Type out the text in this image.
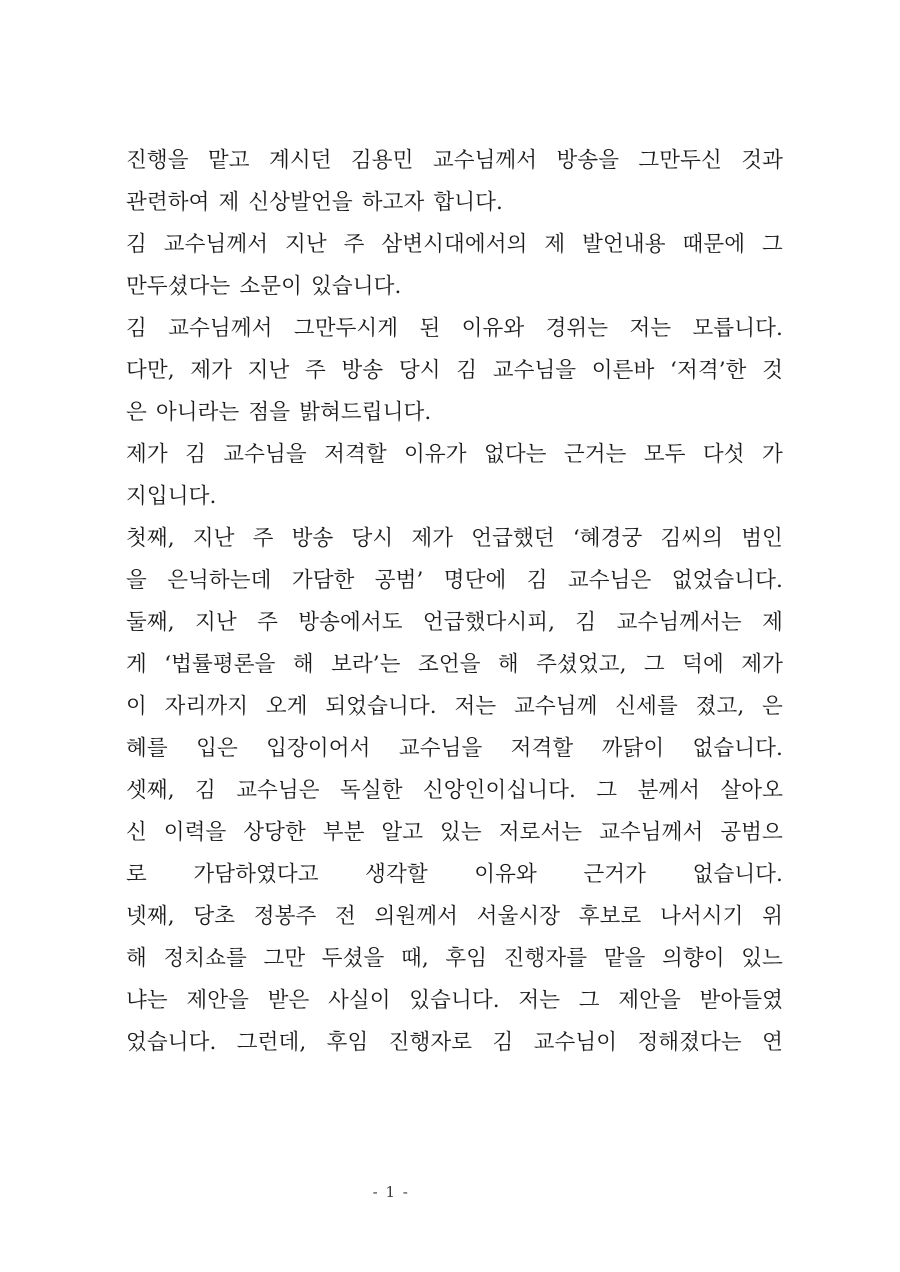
진행을 맡고 계시던 김용민 교수님께서 방송을 그만두신 것과
관련하여 제 신상발언을 하고자 합니다.
김 교수님께서 지난 주 삼변시대에서의 제 발언내용 때문에 그
만두셨다는 소문이 있습니다.
김 교수님께서 그만두시게 된 이유와 경위는 저는 모릅니다.
다만, 제가 지난 주 방송 당시 김 교수님을 이른바 ‘저격’한 것
은 아니라는 점을 밝혀드립니다.
제가 김 교수님을 저격할 이유가 없다는 근거는 모두 다섯 가
지입니다.
첫째, 지난 주 방송 당시 제가 언급했던 ‘혜경궁 김씨의 범인
을 은닉하는데 가담한 공범’ 명단에 김 교수님은 없었습니다.
둘째, 지난 주 방송에서도 언급했다시피, 김 교수님께서는 제
게 ‘법률평론을 해 보라’는 조언을 해 주셨었고, 그 덕에 제가
이 자리까지 오게 되었습니다. 저는 교수님께 신세를 졌고, 은
혜를 입은 입장이어서 교수님을 저격할 까닭이 없습니다.
셋째, 김 교수님은 독실한 신앙인이십니다. 그 분께서 살아오
신 이력을 상당한 부분 알고 있는 저로서는 교수님께서 공범으
로 가담하였다고 생각할 이유와 근거가 없습니다.
넷째, 당초 정봉주 전 의원께서 서울시장 후보로 나서시기 위
해 정치쇼를 그만 두셨을 때, 후임 진행자를 맡을 의향이 있느
냐는 제안을 받은 사실이 있습니다. 저는 그 제안을 받아들였
었습니다. 그런데, 후임 진행자로 김 교수님이 정해졌다는 연
- 1 -
